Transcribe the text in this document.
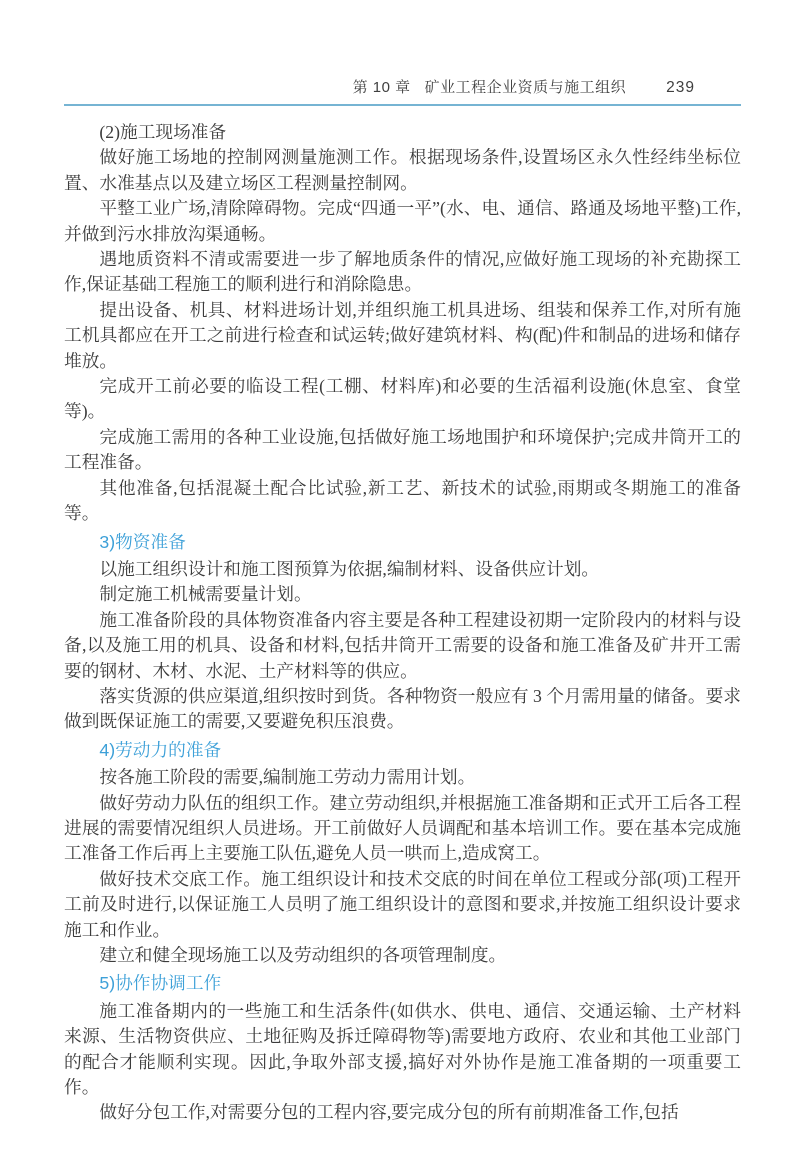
第 10 章 矿业工程企业资质与施工组织	239

(2)施工现场准备

做好施工场地的控制网测量施测工作。根据现场条件,设置场区永久性经纬坐标位置、水准基点以及建立场区工程测量控制网。

平整工业广场,清除障碍物。完成“四通一平”(水、电、通信、路通及场地平整)工作,并做到污水排放沟渠通畅。

遇地质资料不清或需要进一步了解地质条件的情况,应做好施工现场的补充勘探工作,保证基础工程施工的顺利进行和消除隐患。

提出设备、机具、材料进场计划,并组织施工机具进场、组装和保养工作,对所有施工机具都应在开工之前进行检查和试运转;做好建筑材料、构(配)件和制品的进场和储存堆放。

完成开工前必要的临设工程(工棚、材料库)和必要的生活福利设施(休息室、食堂等)。

完成施工需用的各种工业设施,包括做好施工场地围护和环境保护;完成井筒开工的工程准备。

其他准备,包括混凝土配合比试验,新工艺、新技术的试验,雨期或冬期施工的准备等。

3)物资准备

以施工组织设计和施工图预算为依据,编制材料、设备供应计划。

制定施工机械需要量计划。

施工准备阶段的具体物资准备内容主要是各种工程建设初期一定阶段内的材料与设备,以及施工用的机具、设备和材料,包括井筒开工需要的设备和施工准备及矿井开工需要的钢材、木材、水泥、土产材料等的供应。

落实货源的供应渠道,组织按时到货。各种物资一般应有 3 个月需用量的储备。要求做到既保证施工的需要,又要避免积压浪费。

4)劳动力的准备

按各施工阶段的需要,编制施工劳动力需用计划。

做好劳动力队伍的组织工作。建立劳动组织,并根据施工准备期和正式开工后各工程进展的需要情况组织人员进场。开工前做好人员调配和基本培训工作。要在基本完成施工准备工作后再上主要施工队伍,避免人员一哄而上,造成窝工。

做好技术交底工作。施工组织设计和技术交底的时间在单位工程或分部(项)工程开工前及时进行,以保证施工人员明了施工组织设计的意图和要求,并按施工组织设计要求施工和作业。

建立和健全现场施工以及劳动组织的各项管理制度。

5)协作协调工作

施工准备期内的一些施工和生活条件(如供水、供电、通信、交通运输、土产材料来源、生活物资供应、土地征购及拆迁障碍物等)需要地方政府、农业和其他工业部门的配合才能顺利实现。因此,争取外部支援,搞好对外协作是施工准备期的一项重要工作。

做好分包工作,对需要分包的工程内容,要完成分包的所有前期准备工作,包括
